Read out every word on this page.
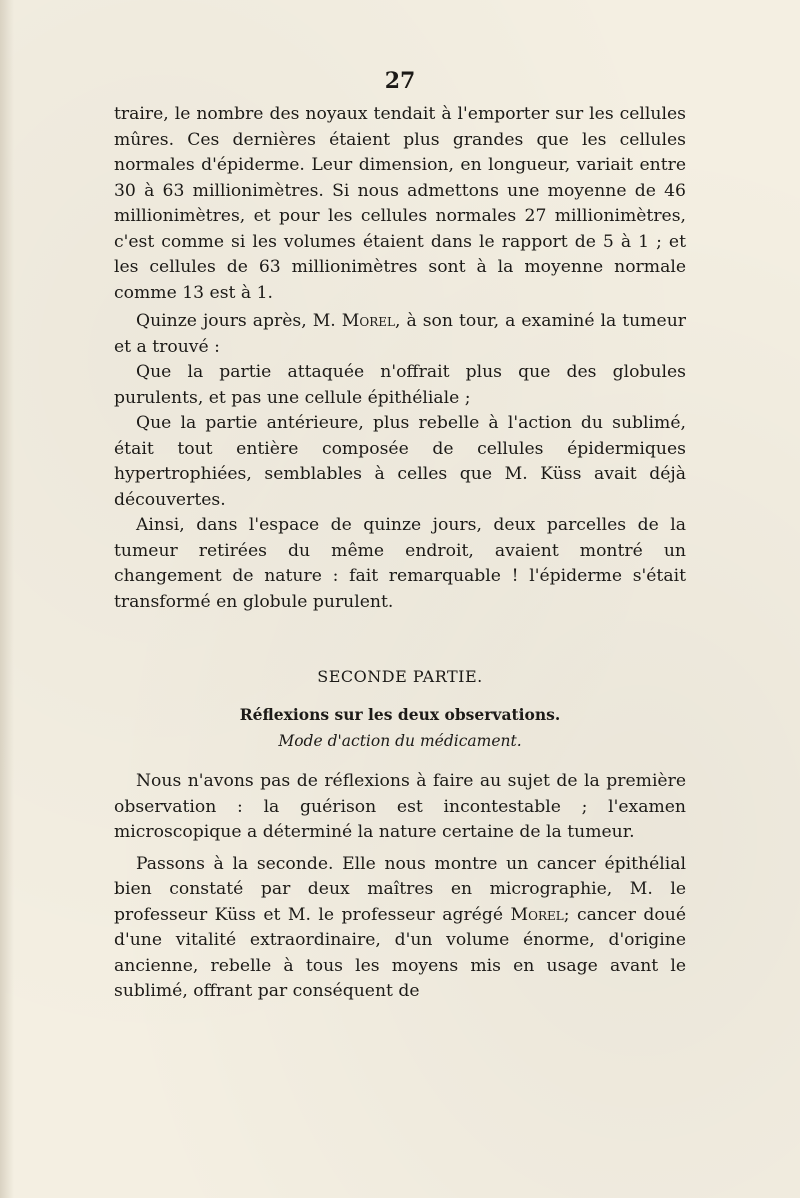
27

traire, le nombre des noyaux tendait à l'emporter sur les cellules mûres. Ces dernières étaient plus grandes que les cellules normales d'épiderme. Leur dimension, en longueur, variait entre 30 à 63 millionimètres. Si nous admettons une moyenne de 46 millionimètres, et pour les cellules normales 27 millionimètres, c'est comme si les volumes étaient dans le rapport de 5 à 1 ; et les cellules de 63 millionimètres sont à la moyenne normale comme 13 est à 1.

Quinze jours après, M. Morel, à son tour, a examiné la tumeur et a trouvé :

Que la partie attaquée n'offrait plus que des globules purulents, et pas une cellule épithéliale ;

Que la partie antérieure, plus rebelle à l'action du sublimé, était tout entière composée de cellules épidermiques hypertrophiées, semblables à celles que M. Küss avait déjà découvertes.

Ainsi, dans l'espace de quinze jours, deux parcelles de la tumeur retirées du même endroit, avaient montré un changement de nature : fait remarquable ! l'épiderme s'était transformé en globule purulent.

SECONDE PARTIE.
Réflexions sur les deux observations.
Mode d'action du médicament.

Nous n'avons pas de réflexions à faire au sujet de la première observation : la guérison est incontestable ; l'examen microscopique a déterminé la nature certaine de la tumeur.

Passons à la seconde. Elle nous montre un cancer épithélial bien constaté par deux maîtres en micrographie, M. le professeur Küss et M. le professeur agrégé Morel; cancer doué d'une vitalité extraordinaire, d'un volume énorme, d'origine ancienne, rebelle à tous les moyens mis en usage avant le sublimé, offrant par conséquent de
